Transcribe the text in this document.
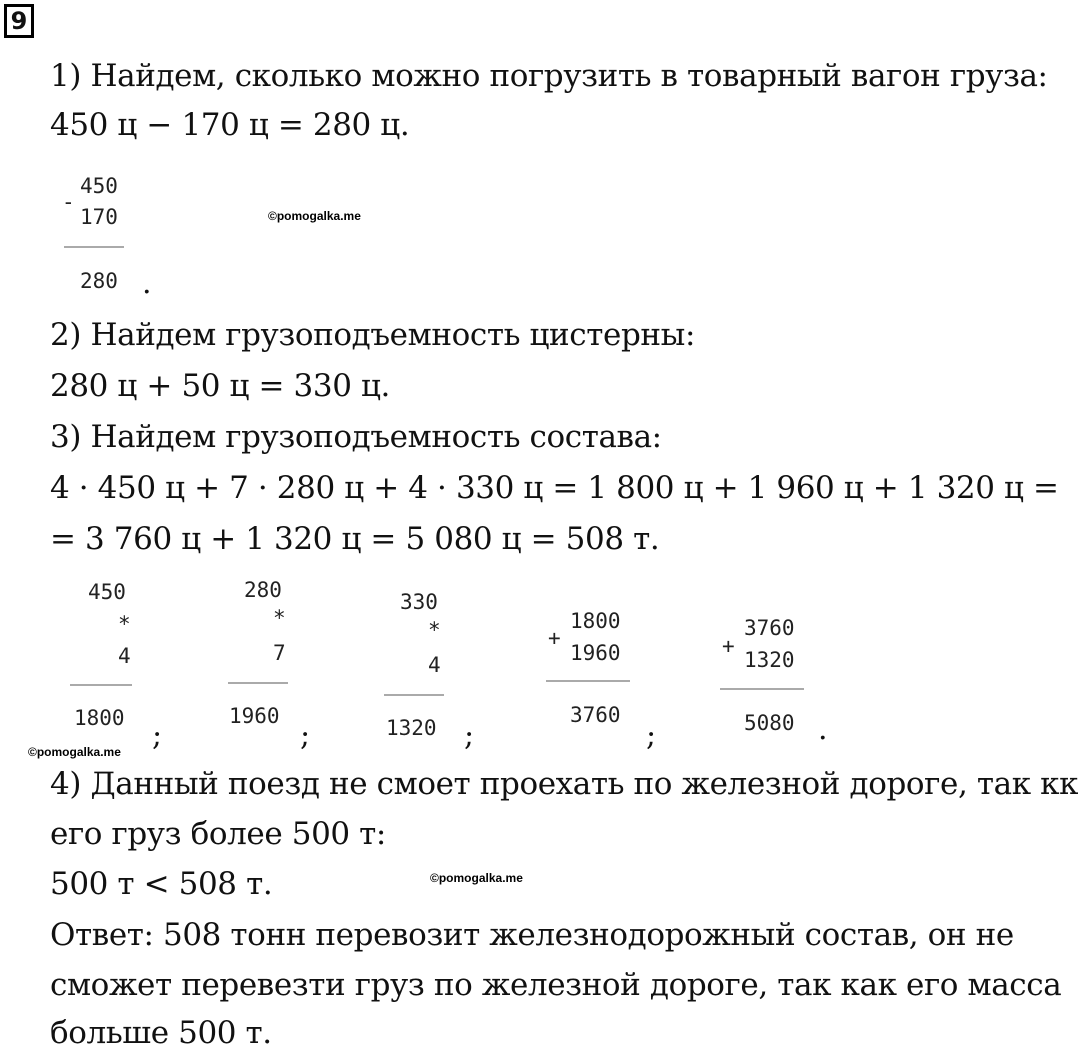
9

1) Найдем, сколько можно погрузить в товарный вагон груза:

450 ц − 170 ц = 280 ц.

450
-
170
280 .
©pomogalka.me

2) Найдем грузоподъемность цистерны:

280 ц + 50 ц = 330 ц.

3) Найдем грузоподъемность состава:

4 · 450 ц + 7 · 280 ц + 4 · 330 ц = 1 800 ц + 1 960 ц + 1 320 ц =

= 3 760 ц + 1 320 ц = 5 080 ц = 508 т.

450
*
4
1800 ;
280
*
7
1960
;
330
*
4
1320 ;
+
1800
1960
3760
;
+
3760
1320
5080 .
©pomogalka.me

4) Данный поезд не смоет проехать по железной дороге, так кк

его груз более 500 т:

500 т < 508 т.	©pomogalka.me

Ответ: 508 тонн перевозит железнодорожный состав, он не

сможет перевезти груз по железной дороге, так как его масса

больше 500 т.
